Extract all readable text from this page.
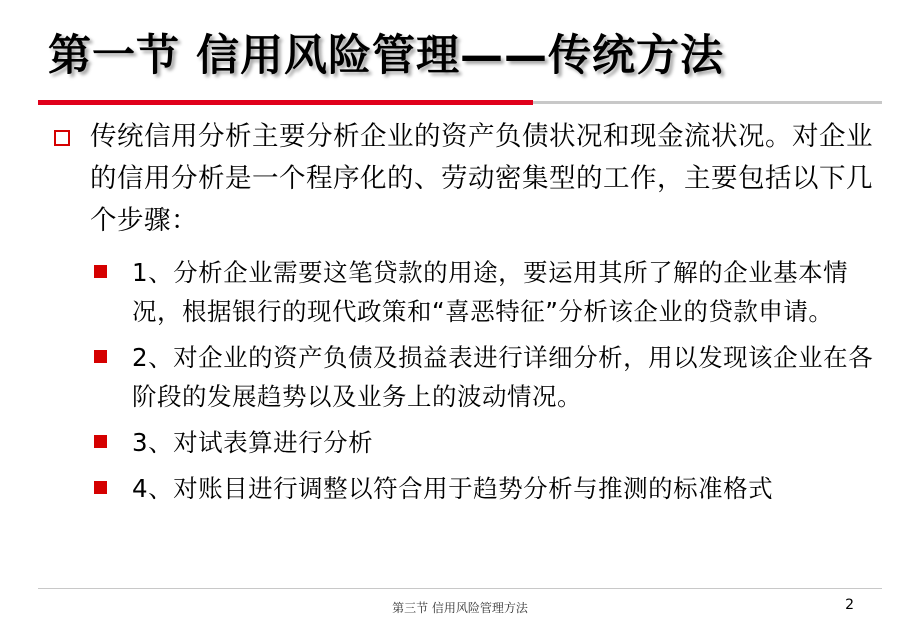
第一节 信用风险管理——传统方法
传统信用分析主要分析企业的资产负债状况和现金流状况。对企业的信用分析是一个程序化的、劳动密集型的工作，主要包括以下几个步骤：
1、分析企业需要这笔贷款的用途，要运用其所了解的企业基本情况，根据银行的现代政策和“喜恶特征”分析该企业的贷款申请。
2、对企业的资产负债及损益表进行详细分析，用以发现该企业在各阶段的发展趋势以及业务上的波动情况。
3、对试表算进行分析
4、对账目进行调整以符合用于趋势分析与推测的标准格式
第三节 信用风险管理方法	2
